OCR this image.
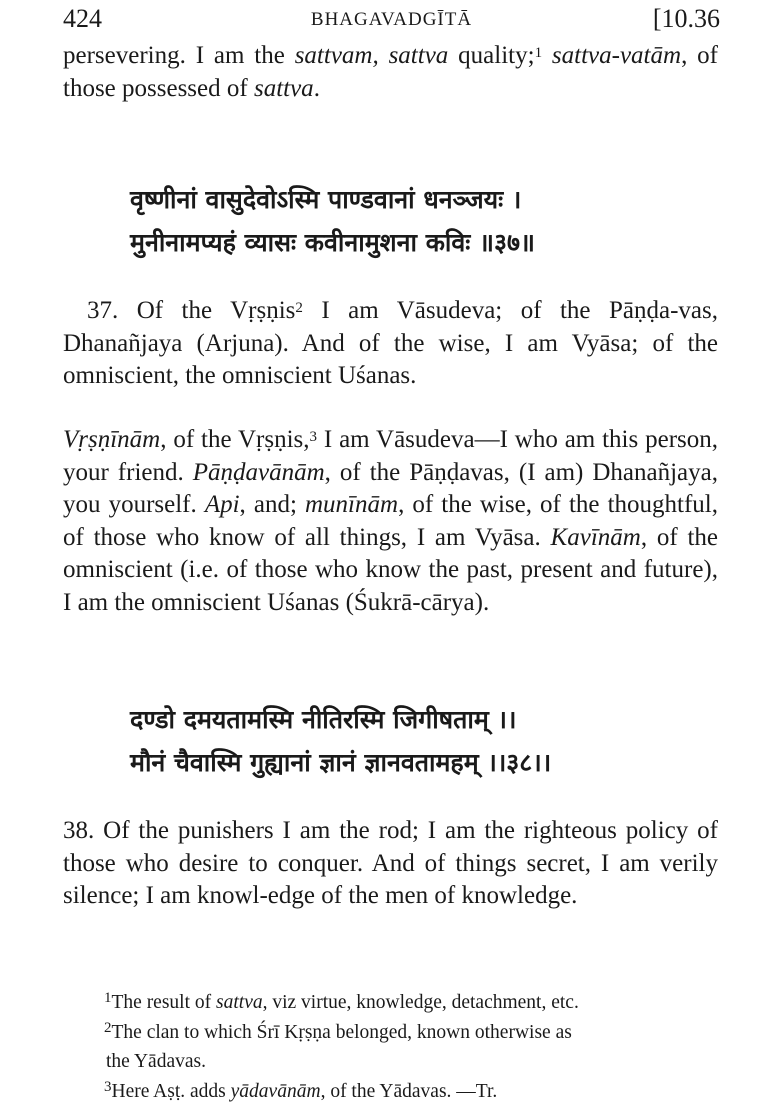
424	BHAGAVADGĪTĀ	[10.36

persevering. I am the sattvam, sattva quality;$^1$ sattva-vatām, of those possessed of sattva.

वृष्णीनां वासुदेवोऽस्मि पाण्डवानां धनञ्जयः ।
मुनीनामप्यहं व्यासः कवीनामुशना कविः ॥३७॥

37. Of the Vṛṣṇis$^2$ I am Vāsudeva; of the Pāṇḍa-vas, Dhanañjaya (Arjuna). And of the wise, I am Vyāsa; of the omniscient, the omniscient Uśanas.

Vṛṣṇīnām, of the Vṛṣṇis,$^3$ I am Vāsudeva—I who am this person, your friend. Pāṇḍavānām, of the Pāṇḍavas, (I am) Dhanañjaya, you yourself. Api, and; munīnām, of the wise, of the thoughtful, of those who know of all things, I am Vyāsa. Kavīnām, of the omniscient (i.e. of those who know the past, present and future), I am the omniscient Uśanas (Śukrā-cārya).

दण्डो दमयतामस्मि नीतिरस्मि जिगीषताम् ।।
मौनं चैवास्मि गुह्यानां ज्ञानं ज्ञानवतामहम् ।।३८।।

38. Of the punishers I am the rod; I am the righteous policy of those who desire to conquer. And of things secret, I am verily silence; I am knowl-edge of the men of knowledge.

$^1$The result of sattva, viz virtue, knowledge, detachment, etc.
$^2$The clan to which Śrī Kṛṣṇa belonged, known otherwise as
the Yādavas.
$^3$Here Aṣṭ. adds yādavānām, of the Yādavas. —Tr.
